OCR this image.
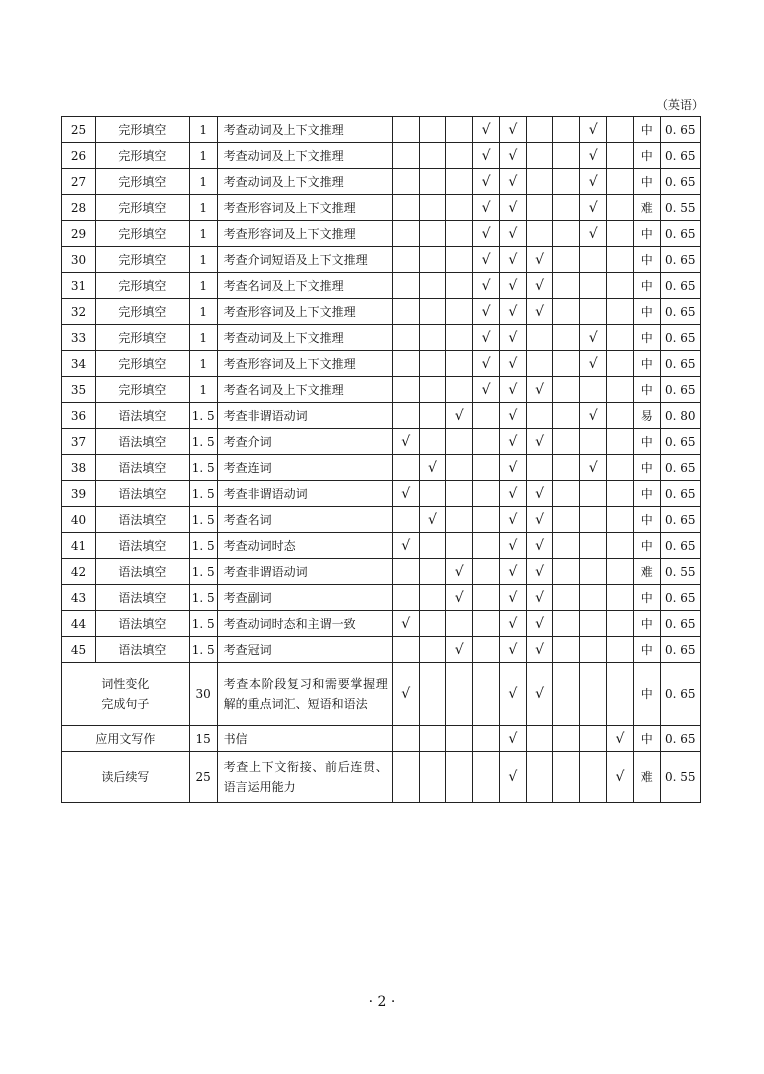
（英语）
25	完形填空	1	考查动词及上下文推理				√	√			√		中	0. 65
26	完形填空	1	考查动词及上下文推理				√	√			√		中	0. 65
27	完形填空	1	考查动词及上下文推理				√	√			√		中	0. 65
28	完形填空	1	考查形容词及上下文推理				√	√			√		难	0. 55
29	完形填空	1	考查形容词及上下文推理				√	√			√		中	0. 65
30	完形填空	1	考查介词短语及上下文推理				√	√	√				中	0. 65
31	完形填空	1	考查名词及上下文推理				√	√	√				中	0. 65
32	完形填空	1	考查形容词及上下文推理				√	√	√				中	0. 65
33	完形填空	1	考查动词及上下文推理				√	√			√		中	0. 65
34	完形填空	1	考查形容词及上下文推理				√	√			√		中	0. 65
35	完形填空	1	考查名词及上下文推理				√	√	√				中	0. 65
36	语法填空	1. 5	考查非谓语动词			√		√			√		易	0. 80
37	语法填空	1. 5	考查介词	√				√	√				中	0. 65
38	语法填空	1. 5	考查连词		√			√			√		中	0. 65
39	语法填空	1. 5	考查非谓语动词	√				√	√				中	0. 65
40	语法填空	1. 5	考查名词		√			√	√				中	0. 65
41	语法填空	1. 5	考查动词时态	√				√	√				中	0. 65
42	语法填空	1. 5	考查非谓语动词			√		√	√				难	0. 55
43	语法填空	1. 5	考查副词			√		√	√				中	0. 65
44	语法填空	1. 5	考查动词时态和主谓一致	√				√	√				中	0. 65
45	语法填空	1. 5	考查冠词			√		√	√				中	0. 65

词性变化
完成句子		30	考查本阶段复习和需要掌握理解的重点词汇、短语和语法	√				√	√				中	0. 65

应用文写作		15	书信					√				√	中	0. 65

读后续写		25	考查上下文衔接、前后连贯、语言运用能力					√				√	难	0. 55
· 2 ·
